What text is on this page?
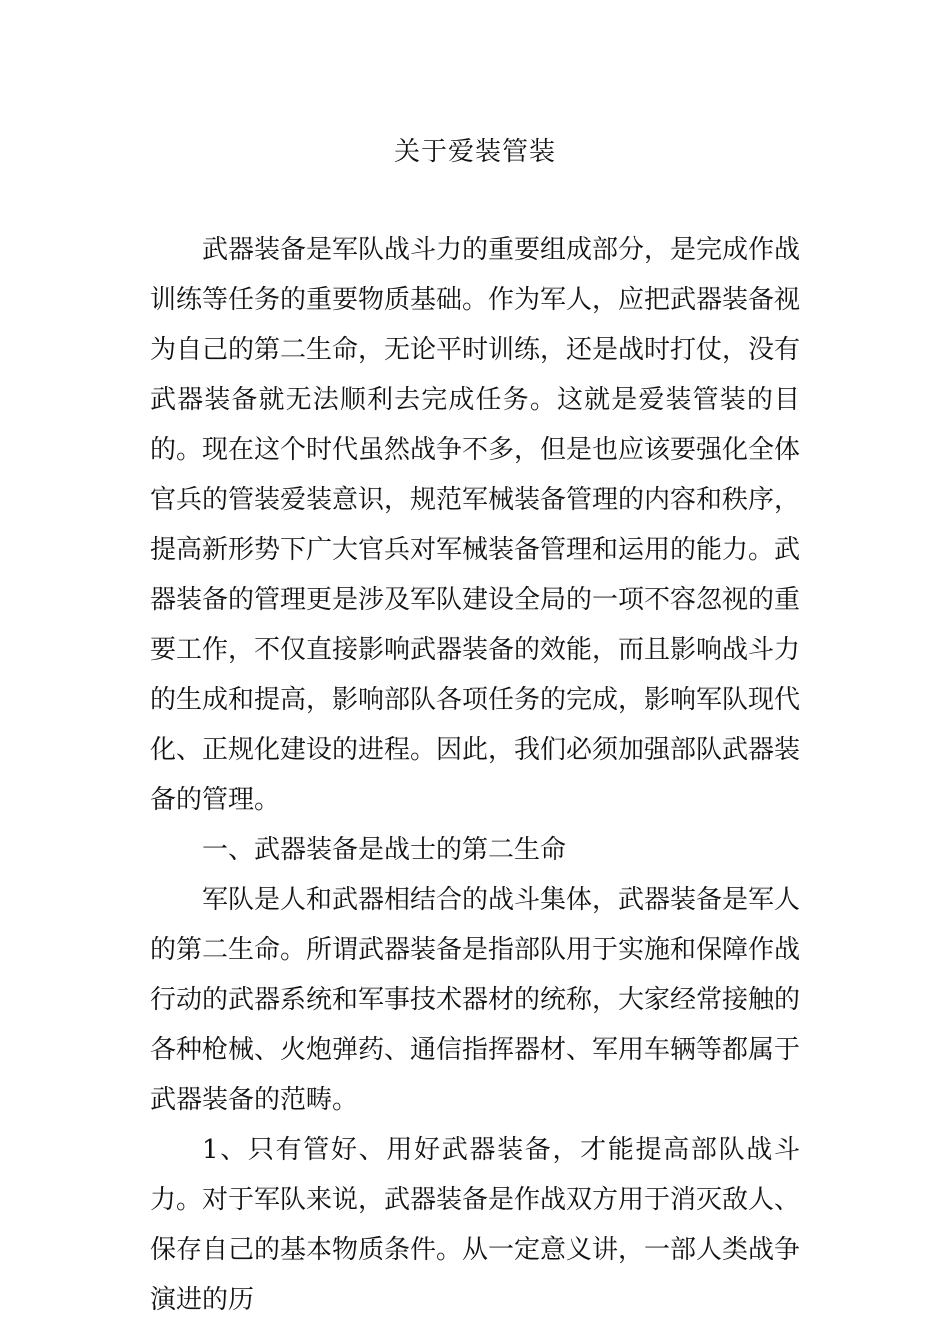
关于爱装管装

武器装备是军队战斗力的重要组成部分，是完成作战训练等任务的重要物质基础。作为军人，应把武器装备视为自己的第二生命，无论平时训练，还是战时打仗，没有武器装备就无法顺利去完成任务。这就是爱装管装的目的。现在这个时代虽然战争不多，但是也应该要强化全体官兵的管装爱装意识，规范军械装备管理的内容和秩序，提高新形势下广大官兵对军械装备管理和运用的能力。武器装备的管理更是涉及军队建设全局的一项不容忽视的重要工作，不仅直接影响武器装备的效能，而且影响战斗力的生成和提高，影响部队各项任务的完成，影响军队现代化、正规化建设的进程。因此，我们必须加强部队武器装备的管理。

一、武器装备是战士的第二生命

军队是人和武器相结合的战斗集体，武器装备是军人的第二生命。所谓武器装备是指部队用于实施和保障作战行动的武器系统和军事技术器材的统称，大家经常接触的各种枪械、火炮弹药、通信指挥器材、军用车辆等都属于武器装备的范畴。

1、只有管好、用好武器装备，才能提高部队战斗力。对于军队来说，武器装备是作战双方用于消灭敌人、保存自己的基本物质条件。从一定意义讲，一部人类战争演进的历
